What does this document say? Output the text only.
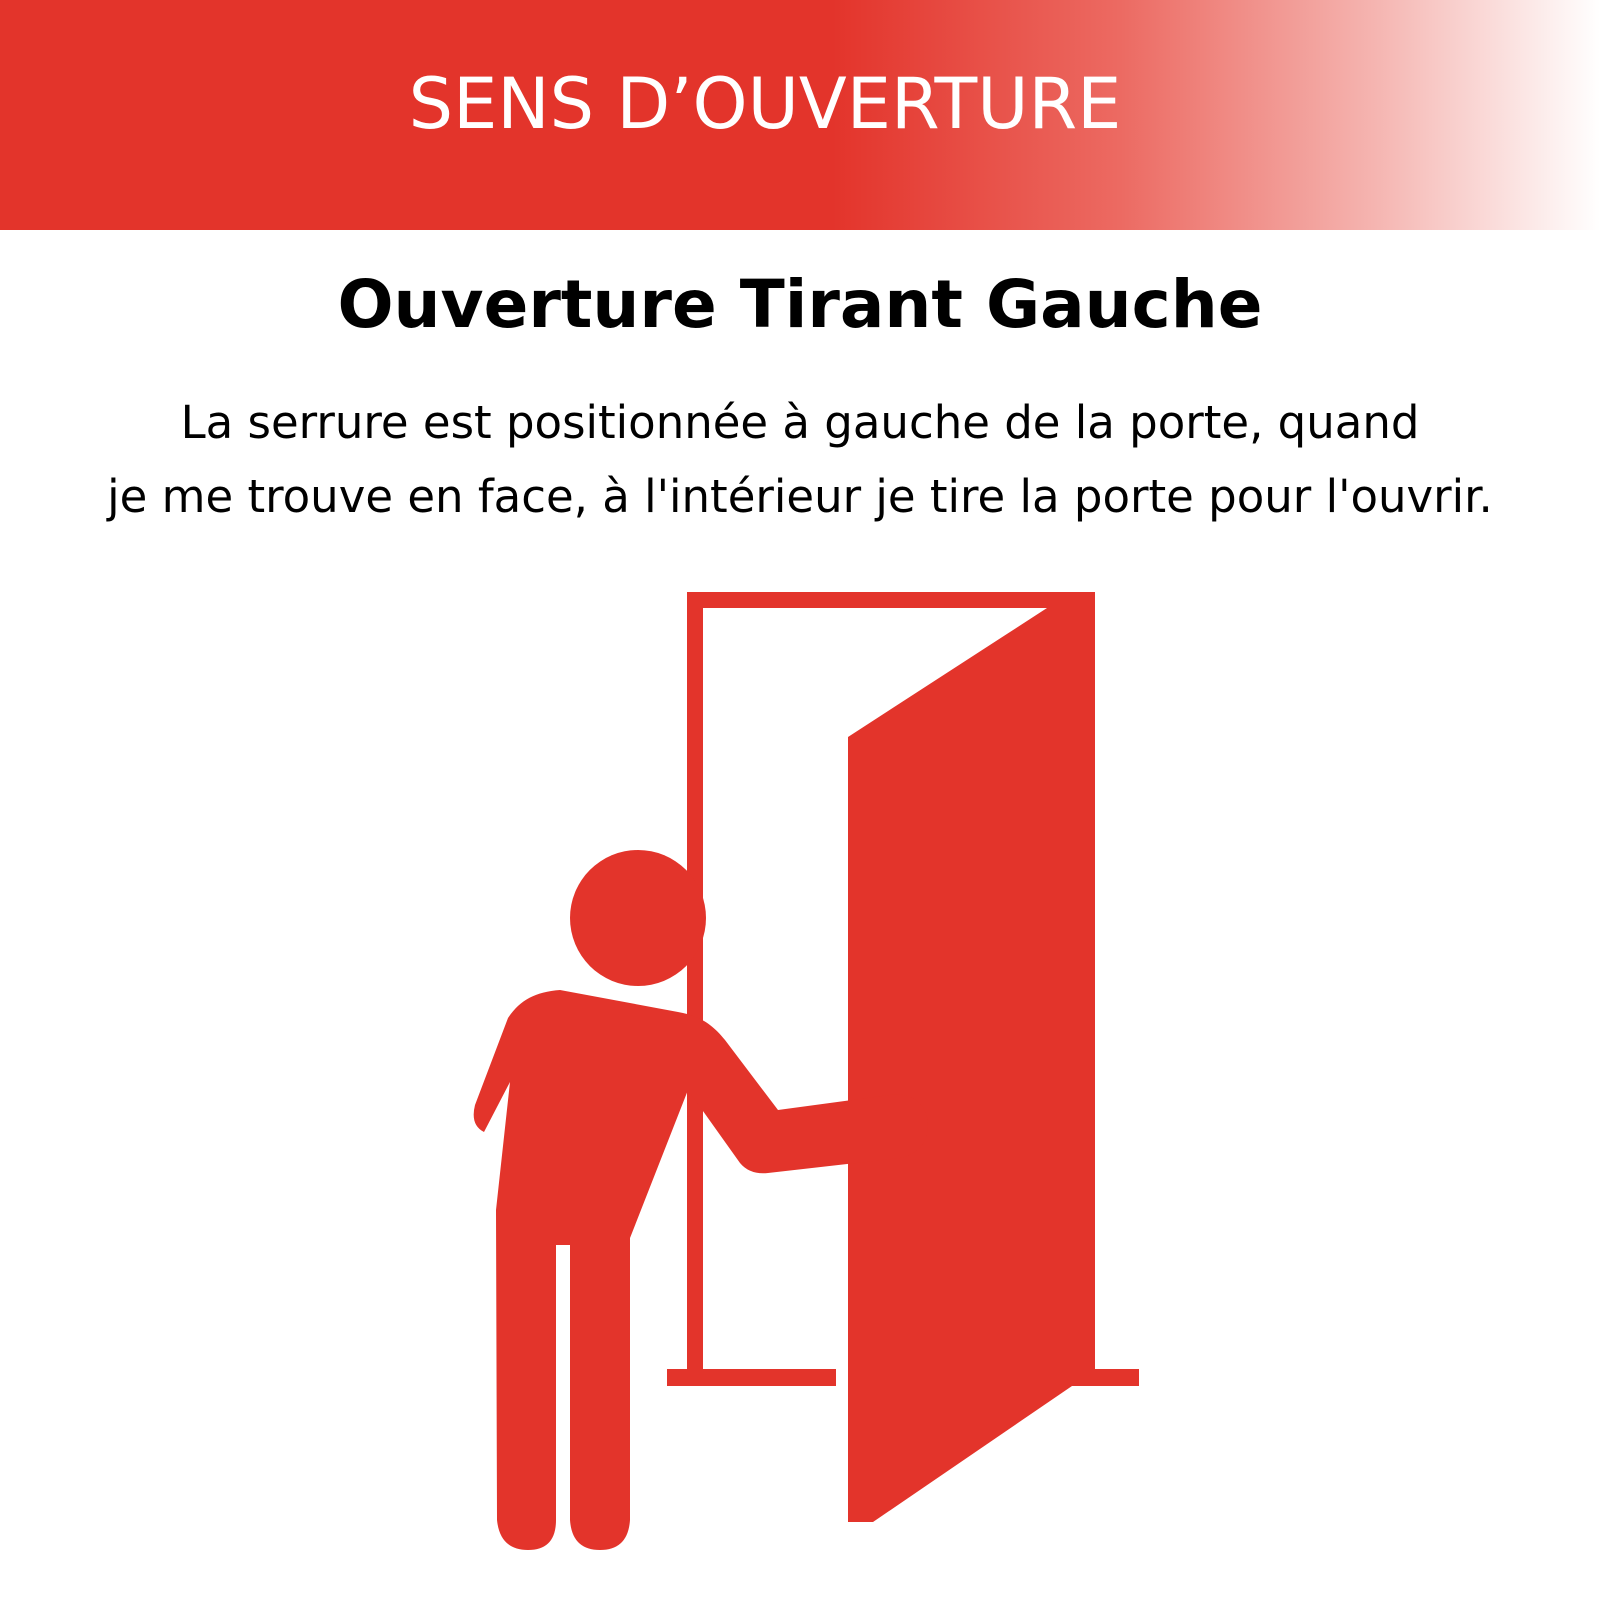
SENS D’OUVERTURE
Ouverture Tirant Gauche
La serrure est positionnée à gauche de la porte, quand
je me trouve en face, à l'intérieur je tire la porte pour l'ouvrir.
